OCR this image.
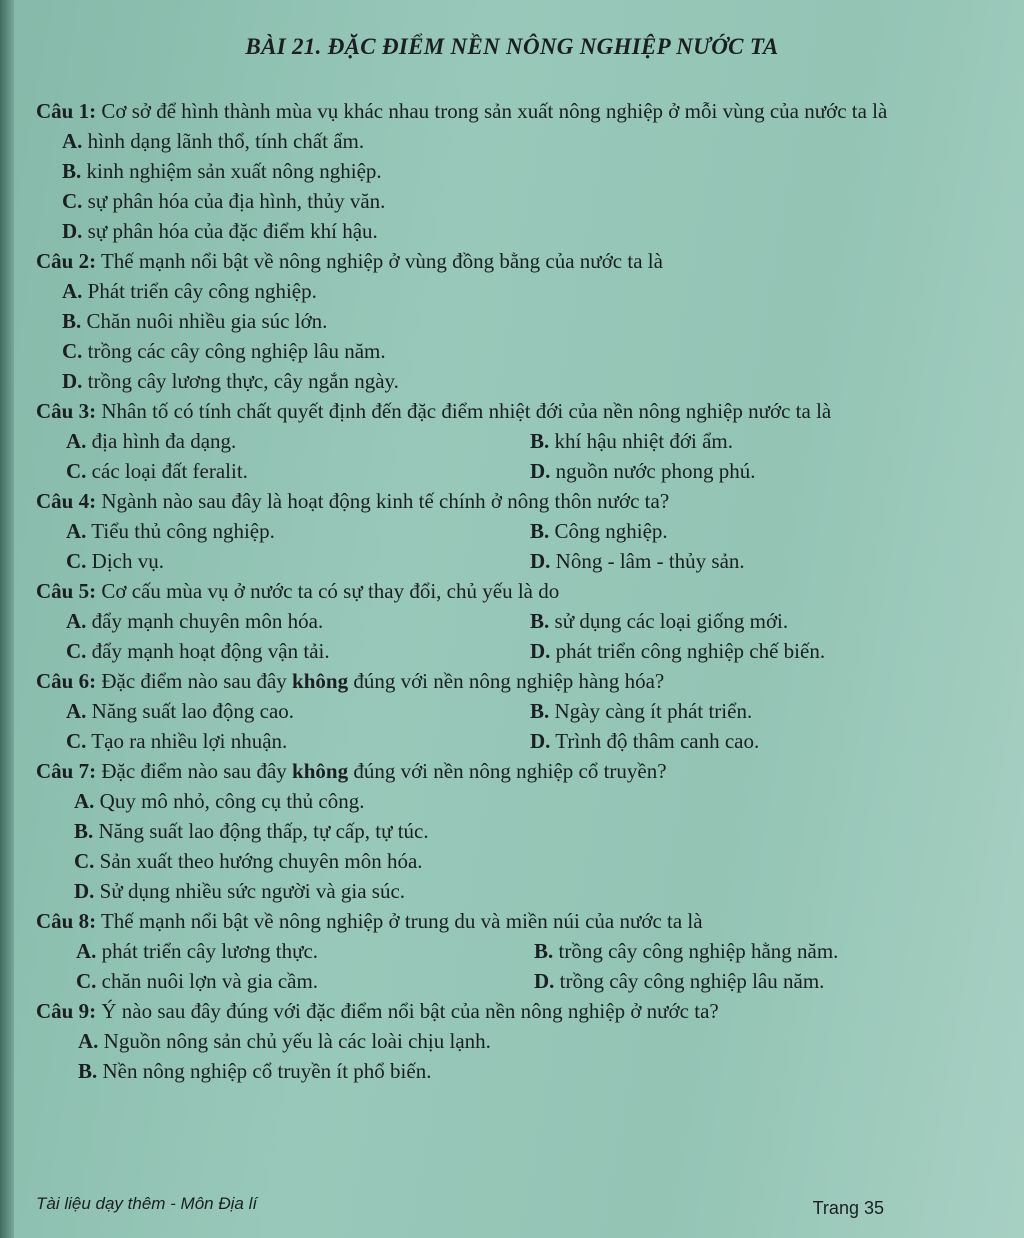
BÀI 21. ĐẶC ĐIỂM NỀN NÔNG NGHIỆP NƯỚC TA

Câu 1: Cơ sở để hình thành mùa vụ khác nhau trong sản xuất nông nghiệp ở mỗi vùng của nước ta là

A. hình dạng lãnh thổ, tính chất ẩm.

B. kinh nghiệm sản xuất nông nghiệp.

C. sự phân hóa của địa hình, thủy văn.

D. sự phân hóa của đặc điểm khí hậu.

Câu 2: Thế mạnh nổi bật về nông nghiệp ở vùng đồng bằng của nước ta là

A. Phát triển cây công nghiệp.

B. Chăn nuôi nhiều gia súc lớn.

C. trồng các cây công nghiệp lâu năm.

D. trồng cây lương thực, cây ngắn ngày.

Câu 3: Nhân tố có tính chất quyết định đến đặc điểm nhiệt đới của nền nông nghiệp nước ta là

A. địa hình đa dạng.	B. khí hậu nhiệt đới ẩm.

C. các loại đất feralit.	D. nguồn nước phong phú.

Câu 4: Ngành nào sau đây là hoạt động kinh tế chính ở nông thôn nước ta?

A. Tiểu thủ công nghiệp.	B. Công nghiệp.

C. Dịch vụ.	D. Nông - lâm - thủy sản.

Câu 5: Cơ cấu mùa vụ ở nước ta có sự thay đổi, chủ yếu là do

A. đẩy mạnh chuyên môn hóa.	B. sử dụng các loại giống mới.

C. đẩy mạnh hoạt động vận tải.	D. phát triển công nghiệp chế biến.

Câu 6: Đặc điểm nào sau đây không đúng với nền nông nghiệp hàng hóa?

A. Năng suất lao động cao.	B. Ngày càng ít phát triển.

C. Tạo ra nhiều lợi nhuận.	D. Trình độ thâm canh cao.

Câu 7: Đặc điểm nào sau đây không đúng với nền nông nghiệp cổ truyền?

A. Quy mô nhỏ, công cụ thủ công.

B. Năng suất lao động thấp, tự cấp, tự túc.

C. Sản xuất theo hướng chuyên môn hóa.

D. Sử dụng nhiều sức người và gia súc.

Câu 8: Thế mạnh nổi bật về nông nghiệp ở trung du và miền núi của nước ta là

A. phát triển cây lương thực.	B. trồng cây công nghiệp hằng năm.

C. chăn nuôi lợn và gia cầm.	D. trồng cây công nghiệp lâu năm.

Câu 9: Ý nào sau đây đúng với đặc điểm nổi bật của nền nông nghiệp ở nước ta?

A. Nguồn nông sản chủ yếu là các loài chịu lạnh.

B. Nền nông nghiệp cổ truyền ít phổ biến.

Tài liệu dạy thêm - Môn Địa lí	Trang 35
